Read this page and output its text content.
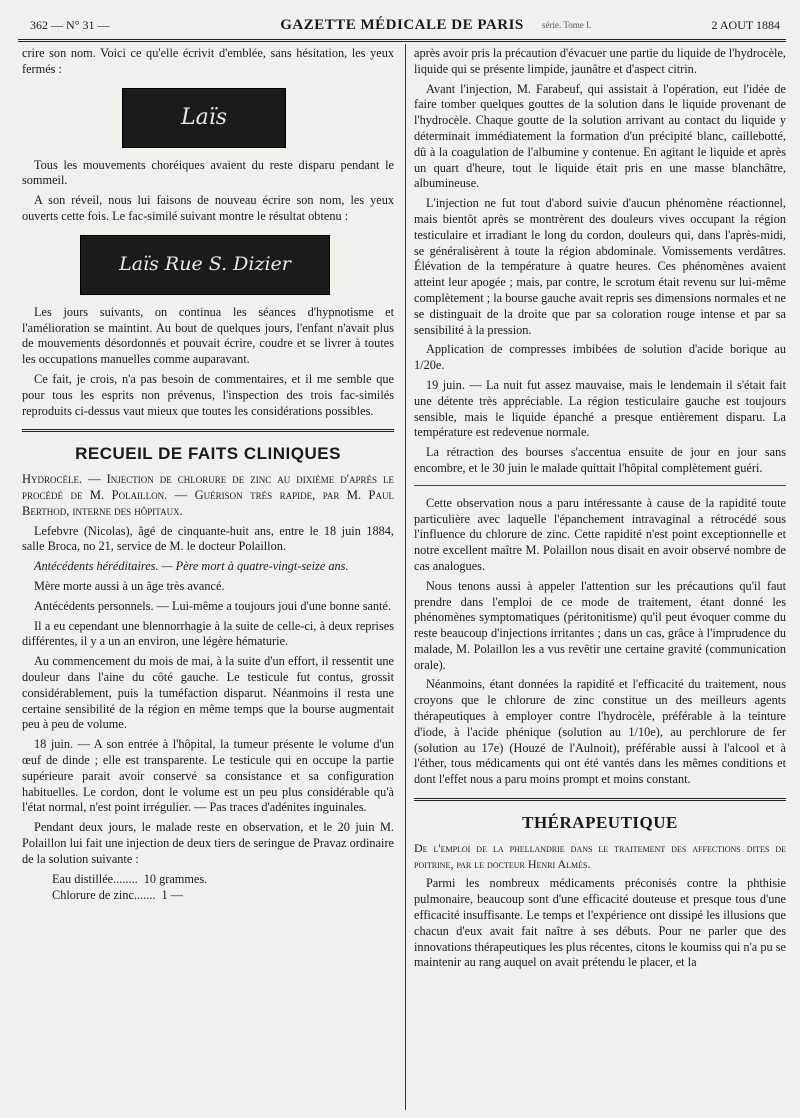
362 — N° 31 —	GAZETTE MÉDICALE DE PARIS	série. Tome I.	2 AOUT 1884

crire son nom. Voici ce qu'elle écrivit d'emblée, sans hésitation, les yeux fermés :

Laïs

Tous les mouvements choréiques avaient du reste disparu pendant le sommeil.

A son réveil, nous lui faisons de nouveau écrire son nom, les yeux ouverts cette fois. Le fac-similé suivant montre le résultat obtenu :

Laïs Rue S. Dizier

Les jours suivants, on continua les séances d'hypnotisme et l'amélioration se maintint. Au bout de quelques jours, l'enfant n'avait plus de mouvements désordonnés et pouvait écrire, coudre et se livrer à toutes les occupations manuelles comme auparavant.

Ce fait, je crois, n'a pas besoin de commentaires, et il me semble que pour tous les esprits non prévenus, l'inspection des trois fac-similés reproduits ci-dessus vaut mieux que toutes les considérations possibles.

RECUEIL DE FAITS CLINIQUES

Hydrocèle. — Injection de chlorure de zinc au dixième d'après le procédé de M. Polaillon. — Guérison très rapide, par M. Paul Berthod, interne des hôpitaux.

Lefebvre (Nicolas), âgé de cinquante-huit ans, entre le 18 juin 1884, salle Broca, no 21, service de M. le docteur Polaillon.

Antécédents héréditaires. — Père mort à quatre-vingt-seize ans.

Mère morte aussi à un âge très avancé.

Antécédents personnels. — Lui-même a toujours joui d'une bonne santé.

Il a eu cependant une blennorrhagie à la suite de celle-ci, à deux reprises différentes, il y a un an environ, une légère hématurie.

Au commencement du mois de mai, à la suite d'un effort, il ressentit une douleur dans l'aine du côté gauche. Le testicule fut contus, grossit considérablement, puis la tuméfaction disparut. Néanmoins il resta une certaine sensibilité de la région en même temps que la bourse augmentait peu à peu de volume.

18 juin. — A son entrée à l'hôpital, la tumeur présente le volume d'un œuf de dinde ; elle est transparente. Le testicule qui en occupe la partie supérieure parait avoir conservé sa consistance et sa configuration habituelles. Le cordon, dont le volume est un peu plus considérable qu'à l'état normal, n'est point irrégulier. — Pas traces d'adénites inguinales.

Pendant deux jours, le malade reste en observation, et le 20 juin M. Polaillon lui fait une injection de deux tiers de seringue de Pravaz ordinaire de la solution suivante :

Eau distillée........ 10 grammes.
Chlorure de zinc....... 1 —

après avoir pris la précaution d'évacuer une partie du liquide de l'hydrocèle, liquide qui se présente limpide, jaunâtre et d'aspect citrin.

Avant l'injection, M. Farabeuf, qui assistait à l'opération, eut l'idée de faire tomber quelques gouttes de la solution dans le liquide provenant de l'hydrocèle. Chaque goutte de la solution arrivant au contact du liquide y déterminait immédiatement la formation d'un précipité blanc, caillebotté, dû à la coagulation de l'albumine y contenue. En agitant le liquide et après un quart d'heure, tout le liquide était pris en une masse blanchâtre, albumineuse.

L'injection ne fut tout d'abord suivie d'aucun phénomène réactionnel, mais bientôt après se montrèrent des douleurs vives occupant la région testiculaire et irradiant le long du cordon, douleurs qui, dans l'après-midi, se généralisèrent à toute la région abdominale. Vomissements verdâtres. Élévation de la température à quatre heures. Ces phénomènes avaient atteint leur apogée ; mais, par contre, le scrotum était revenu sur lui-même complètement ; la bourse gauche avait repris ses dimensions normales et ne se distinguait de la droite que par sa coloration rouge intense et par sa sensibilité à la pression.

Application de compresses imbibées de solution d'acide borique au 1/20e.

19 juin. — La nuit fut assez mauvaise, mais le lendemain il s'était fait une détente très appréciable. La région testiculaire gauche est toujours sensible, mais le liquide épanché a presque entièrement disparu. La température est redevenue normale.

La rétraction des bourses s'accentua ensuite de jour en jour sans encombre, et le 30 juin le malade quittait l'hôpital complètement guéri.

Cette observation nous a paru intéressante à cause de la rapidité toute particulière avec laquelle l'épanchement intravaginal a rétrocédé sous l'influence du chlorure de zinc. Cette rapidité n'est point exceptionnelle et notre excellent maître M. Polaillon nous disait en avoir observé nombre de cas analogues.

Nous tenons aussi à appeler l'attention sur les précautions qu'il faut prendre dans l'emploi de ce mode de traitement, étant donné les phénomènes symptomatiques (péritonitisme) qu'il peut évoquer comme du reste beaucoup d'injections irritantes ; dans un cas, grâce à l'imprudence du malade, M. Polaillon les a vus revêtir une certaine gravité (communication orale).

Néanmoins, étant données la rapidité et l'efficacité du traitement, nous croyons que le chlorure de zinc constitue un des meilleurs agents thérapeutiques à employer contre l'hydrocèle, préférable à la teinture d'iode, à l'acide phénique (solution au 1/10e), au perchlorure de fer (solution au 17e) (Houzé de l'Aulnoit), préférable aussi à l'alcool et à l'éther, tous médicaments qui ont été vantés dans les mêmes conditions et dont l'effet nous a paru moins prompt et moins constant.

THÉRAPEUTIQUE

De l'emploi de la phellandrie dans le traitement des affections dites de poitrine, par le docteur Henri Almès.

Parmi les nombreux médicaments préconisés contre la phthisie pulmonaire, beaucoup sont d'une efficacité douteuse et presque tous d'une efficacité insuffisante. Le temps et l'expérience ont dissipé les illusions que chacun d'eux avait fait naître à ses débuts. Pour ne parler que des innovations thérapeutiques les plus récentes, citons le koumiss qui n'a pu se maintenir au rang auquel on avait prétendu le placer, et la
